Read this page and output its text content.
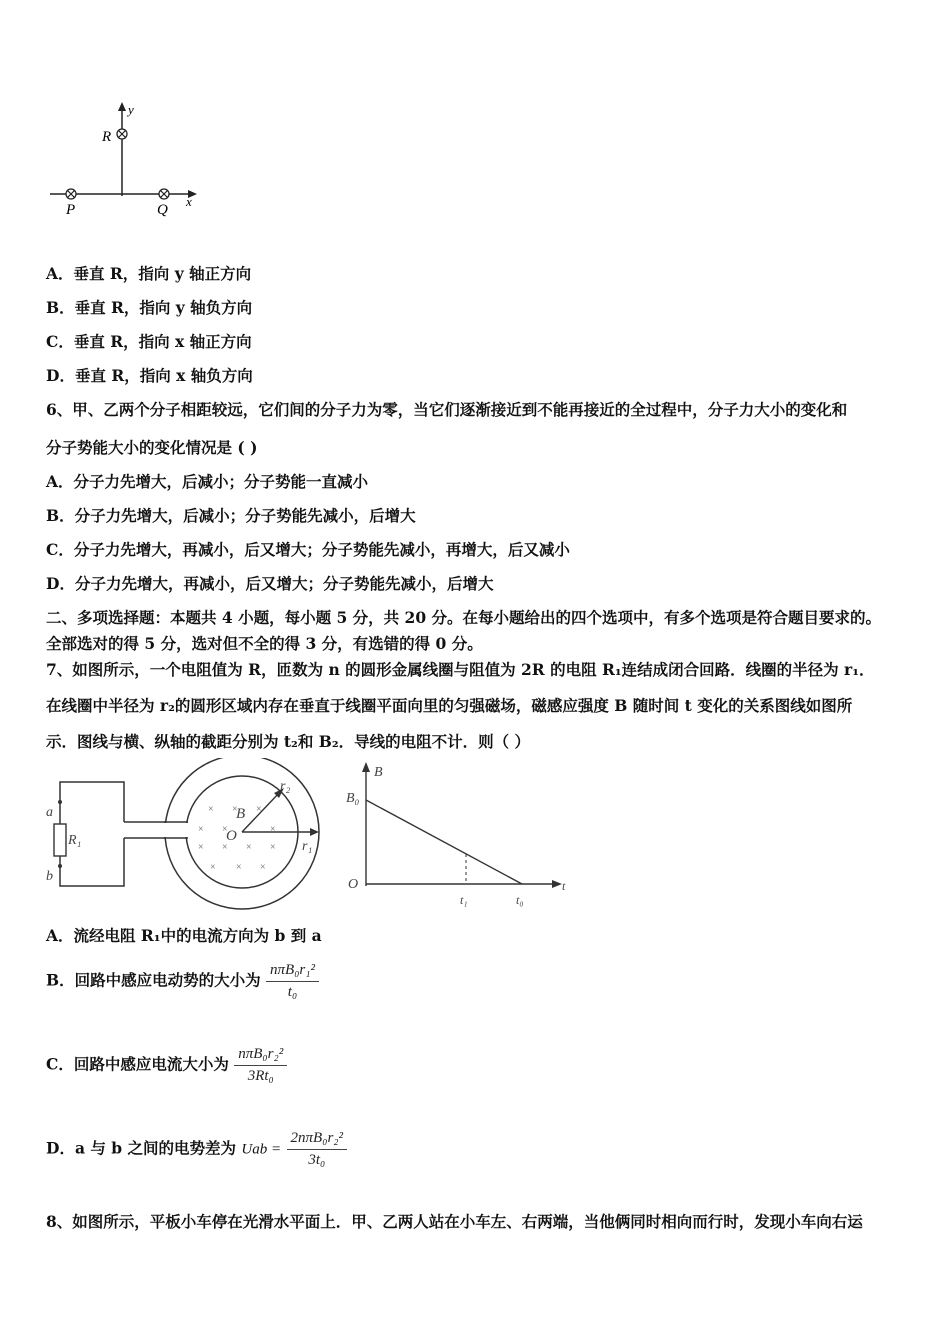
y
R
P	Q
x
A．垂直 R，指向 y 轴正方向
B．垂直 R，指向 y 轴负方向
C．垂直 R，指向 x 轴正方向
D．垂直 R，指向 x 轴负方向
6、甲、乙两个分子相距较远，它们间的分子力为零，当它们逐渐接近到不能再接近的全过程中，分子力大小的变化和
分子势能大小的变化情况是 ( )
A．分子力先增大，后减小；分子势能一直减小
B．分子力先增大，后减小；分子势能先减小，后增大
C．分子力先增大，再减小，后又增大；分子势能先减小，再增大，后又减小
D．分子力先增大，再减小，后又增大；分子势能先减小，后增大
二、多项选择题：本题共 4 小题，每小题 5 分，共 20 分。在每小题给出的四个选项中，有多个选项是符合题目要求的。
全部选对的得 5 分，选对但不全的得 3 分，有选错的得 0 分。
7、如图所示，一个电阻值为 R，匝数为 n 的圆形金属线圈与阻值为 2R 的电阻 R₁连结成闭合回路．线圈的半径为 r₁．
在线圈中半径为 r₂的圆形区域内存在垂直于线圈平面向里的匀强磁场，磁感应强度 B 随时间 t 变化的关系图线如图所
示．图线与横、纵轴的截距分别为 t₂和 B₂．导线的电阻不计．则（ ）
a
b
R₁
× × ×
× ×	×
× × × ×
× × ×
B
O
r₂
r₁
B
B₀
O
t₁	t₀
t
A．流经电阻 R₁中的电流方向为 b 到 a
B．回路中感应电动势的大小为 $\frac{\text{nπB₀r₁²}}{\text{t₀}}$
C．回路中感应电流大小为 $\frac{\text{nπB₀r₂²}}{\text{3Rt₀}}$
D．a 与 b 之间的电势差为 Uab = $\frac{\text{2nπB₀r₂²}}{\text{3t₀}}$
8、如图所示，平板小车停在光滑水平面上．甲、乙两人站在小车左、右两端，当他俩同时相向而行时，发现小车向右运
